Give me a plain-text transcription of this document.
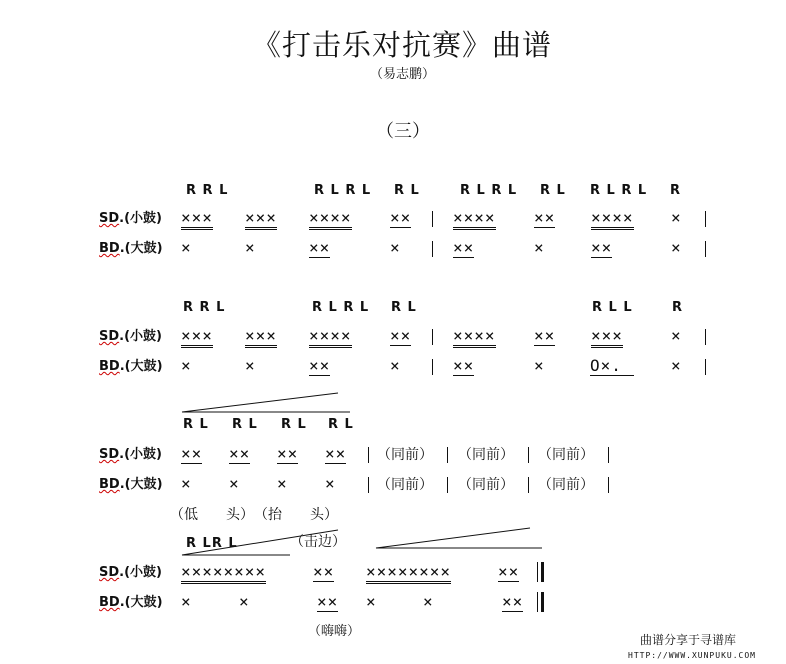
《打击乐对抗赛》曲谱
（易志鹏）
（三）
R R L	R L R L R L	R L R L R L R L R L R
SD.(小鼓) ××× ××× ×××× ××	×××× ×× ×××× ×
BD.(大鼓) ×	×	××	×	××	×	××	×
R R L	R L R L R L	R L L	R
SD.(小鼓) ××× ××× ×××× ××	×××× ×× ×××	×
BD.(大鼓) ×	×	××	×	××	×	O×.	×
R L R L R L R L
SD.(小鼓) ×× ×× ×× ×× （同前） （同前） （同前）
BD.(大鼓) × × × ×	（同前） （同前） （同前）
（低　　头） （抬　　头）
R LR L	（击边）
SD.(小鼓) ××××××××	×× ××××××××	××
BD.(大鼓) ×	×	×× ×	×	××
（嗨嗨）
曲谱分享于寻谱库
HTTP://WWW.XUNPUKU.COM
